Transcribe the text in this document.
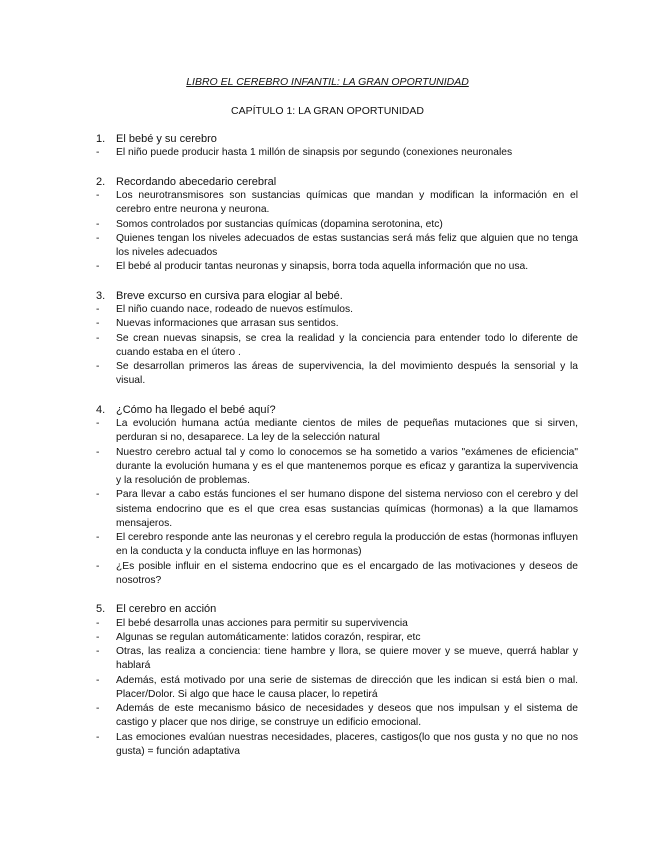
LIBRO EL CEREBRO INFANTIL: LA GRAN OPORTUNIDAD
CAPÍTULO 1: LA GRAN OPORTUNIDAD
1. El bebé y su cerebro
-	El niño puede producir hasta 1 millón de sinapsis por segundo (conexiones neuronales
2. Recordando abecedario cerebral
-	Los neurotransmisores son sustancias químicas que mandan y modifican la información en el cerebro entre neurona y neurona.
-	Somos controlados por sustancias químicas (dopamina serotonina, etc)
-	Quienes tengan los niveles adecuados de estas sustancias será más feliz que alguien que no tenga los niveles adecuados
-	El bebé al producir tantas neuronas y sinapsis, borra toda aquella información que no usa.
3. Breve excurso en cursiva para elogiar al bebé.
-	El niño cuando nace, rodeado de nuevos estímulos.
-	Nuevas informaciones que arrasan sus sentidos.
-	Se crean nuevas sinapsis, se crea la realidad y la conciencia para entender todo lo diferente de cuando estaba en el útero .
-	Se desarrollan primeros las áreas de supervivencia, la del movimiento después la sensorial y la visual.
4. ¿Cómo ha llegado el bebé aquí?
-	La evolución humana actúa mediante cientos de miles de pequeñas mutaciones que si sirven, perduran si no, desaparece. La ley de la selección natural
-	Nuestro cerebro actual tal y como lo conocemos se ha sometido a varios "exámenes de eficiencia" durante la evolución humana y es el que mantenemos porque es eficaz y garantiza la supervivencia y la resolución de problemas.
-	Para llevar a cabo estás funciones el ser humano dispone del sistema nervioso con el cerebro y del sistema endocrino que es el que crea esas sustancias químicas (hormonas) a la que llamamos mensajeros.
-	El cerebro responde ante las neuronas y el cerebro regula la producción de estas (hormonas influyen en la conducta y la conducta influye en las hormonas)
-	¿Es posible influir en el sistema endocrino que es el encargado de las motivaciones y deseos de nosotros?
5. El cerebro en acción
-	El bebé desarrolla unas acciones para permitir su supervivencia
-	Algunas se regulan automáticamente: latidos corazón, respirar, etc
-	Otras, las realiza a conciencia: tiene hambre y llora, se quiere mover y se mueve, querrá hablar y hablará
-	Además, está motivado por una serie de sistemas de dirección que les indican si está bien o mal. Placer/Dolor. Si algo que hace le causa placer, lo repetirá
-	Además de este mecanismo básico de necesidades y deseos que nos impulsan y el sistema de castigo y placer que nos dirige, se construye un edificio emocional.
-	Las emociones evalúan nuestras necesidades, placeres, castigos(lo que nos gusta y no que no nos gusta) = función adaptativa
